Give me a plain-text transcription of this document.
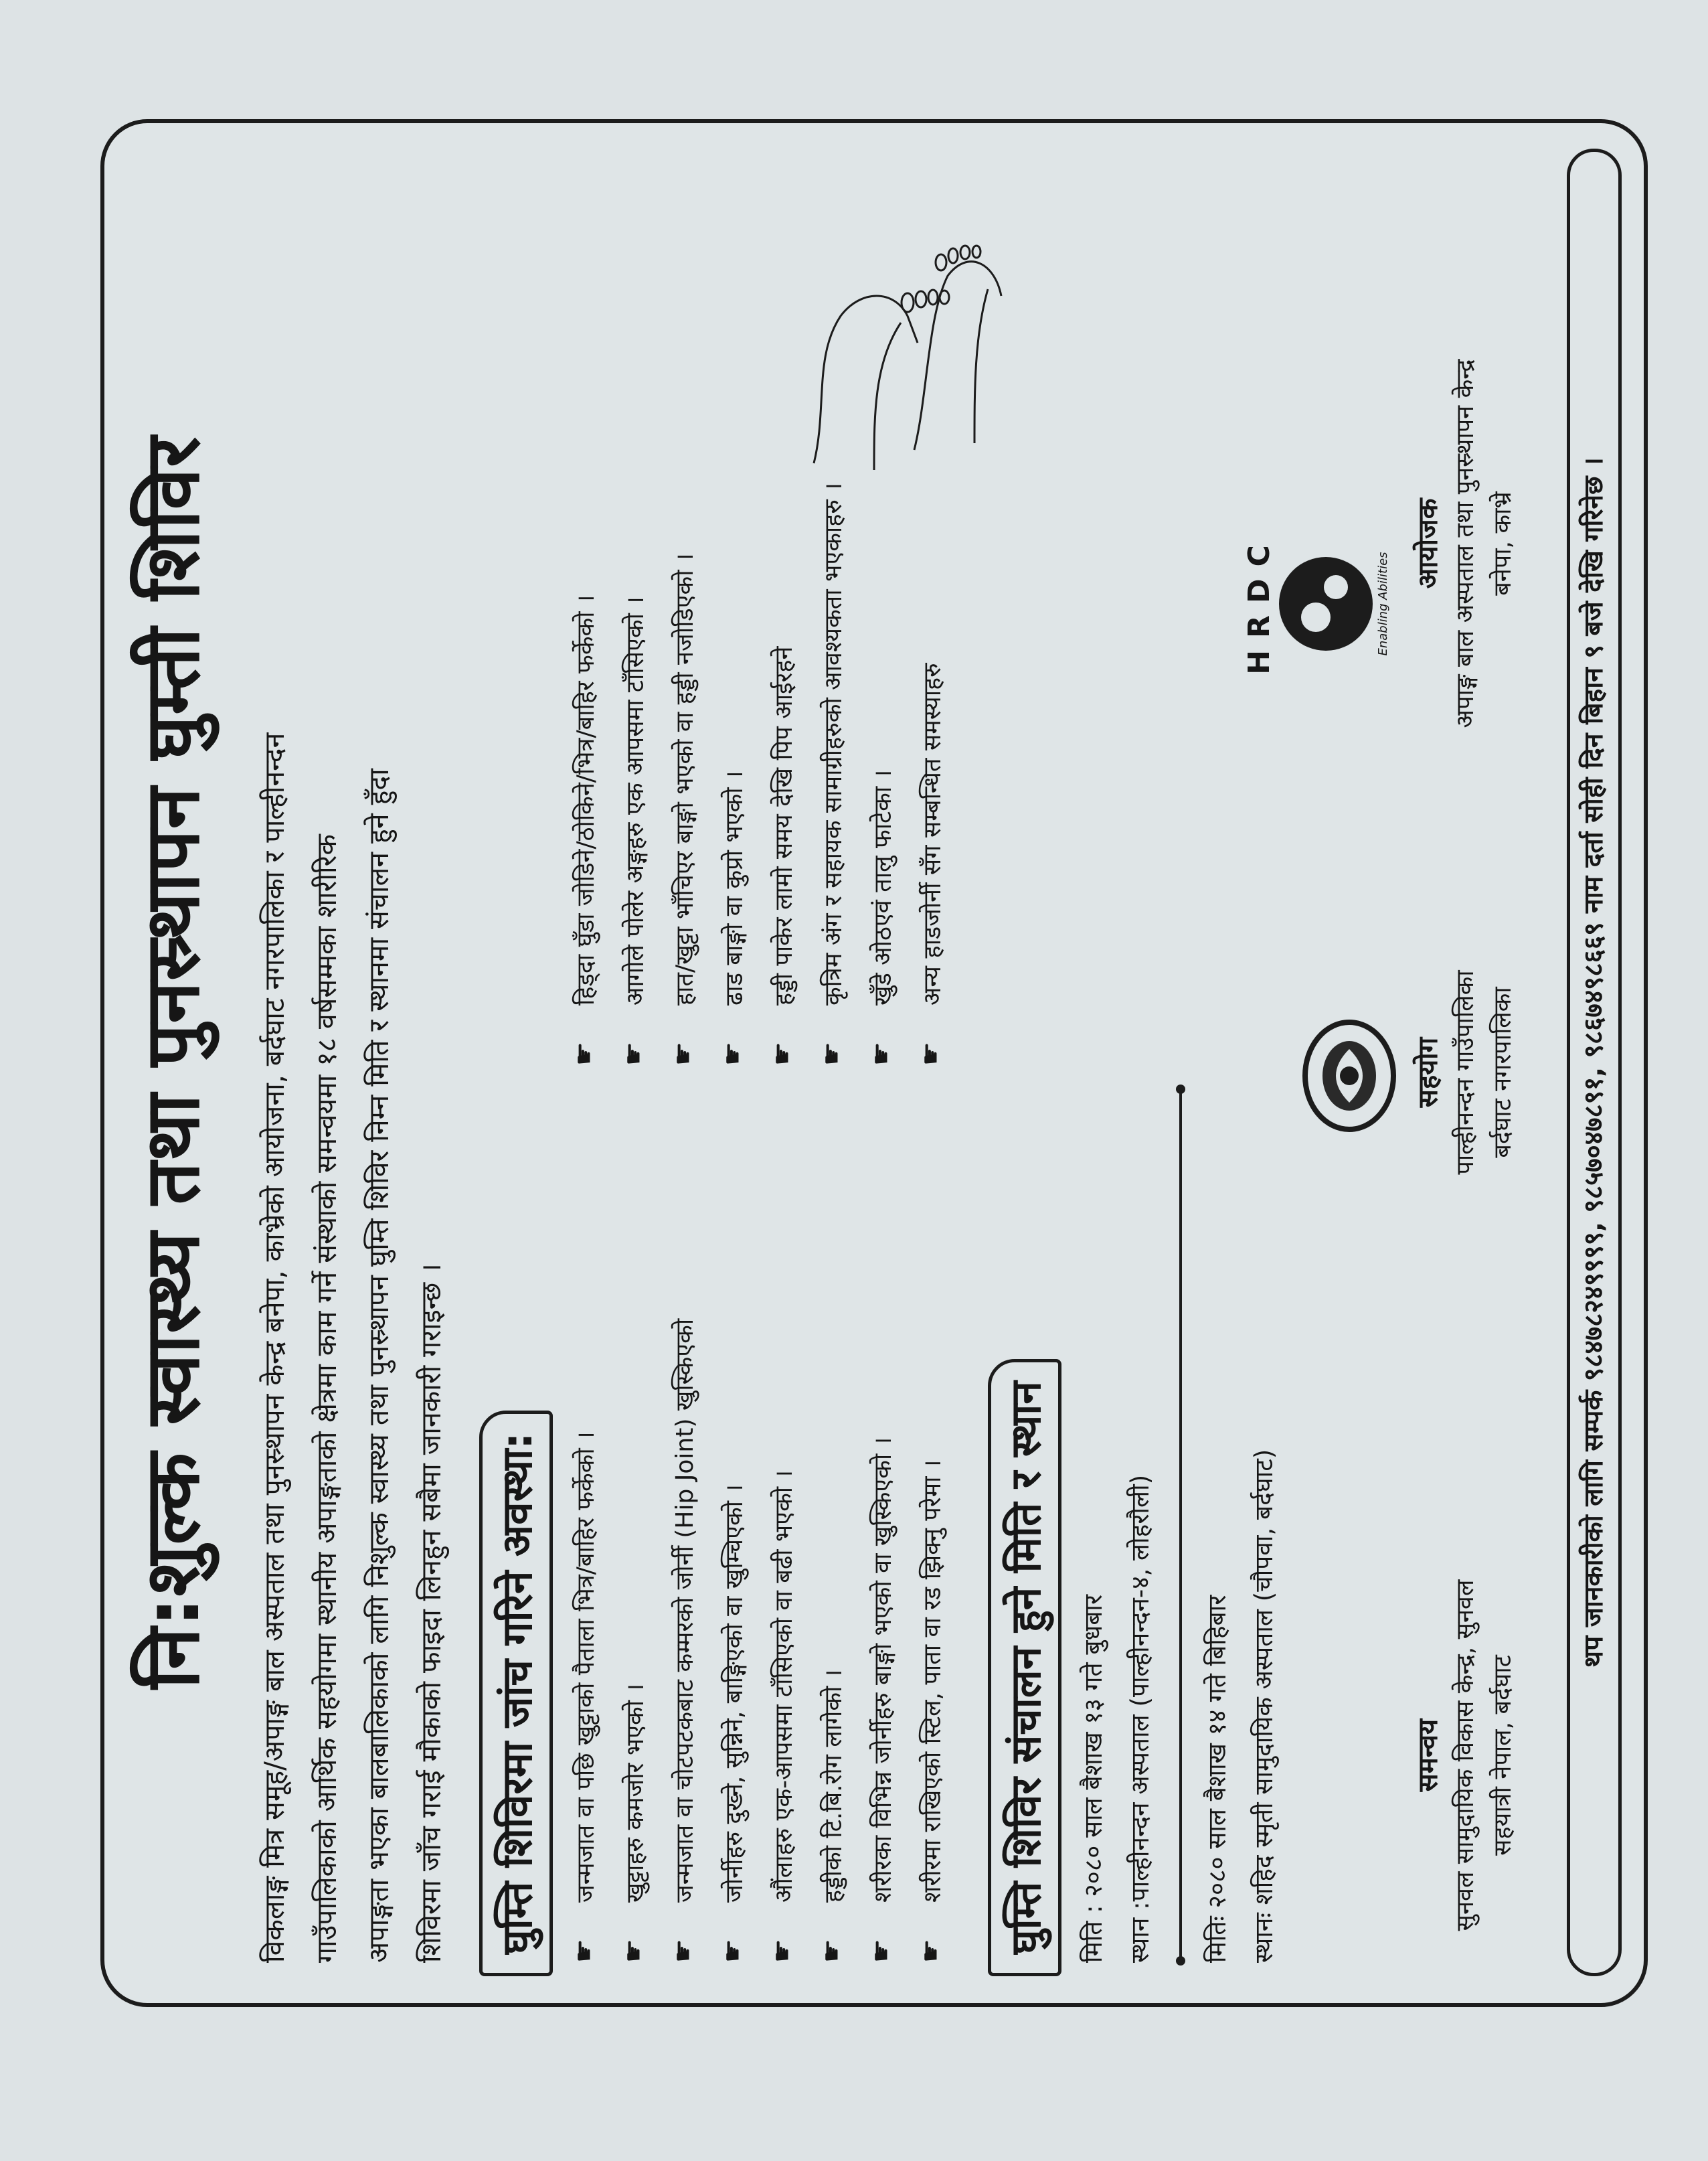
नि:शुल्क स्वास्थ्य तथा पुनस्र्थापन घुम्ती शिविर	विकलाङ्ग मित्र समूह/अपाङ्ग बाल अस्पताल तथा पुनस्र्थापन केन्द्र बनेपा, काभ्रेको आयोजना, बर्दघाट नगरपालिका र पाल्हीनन्दन गाउँपालिकाको आर्थिक सहयोगमा स्थानीय अपाङ्गताको क्षेत्रमा काम गर्ने संस्थाको समन्वयमा १८ वर्षसम्मका शारीरिक अपाङ्गता भएका बालबालिकाको लागि निशुल्क स्वास्थ्य तथा पुनस्र्थापन घुम्ति शिविर निम्न मिति र स्थानमा संचालन हुने हुँदा शिविरमा जाँच गराई मौकाको फाइदा लिनहुन सबैमा जानकारी गराइन्छ ।	घुम्ति शिविरमा जांच गरिने अवस्था:	☛
जन्मजात वा पछि खुट्टाको पैताला भित्र/बाहिर फर्केको ।
☛
खुट्टाहरु कमजोर भएको ।
☛
जन्मजात वा चोटपटकबाट कम्मरको जोर्नी (Hip Joint) खुस्किएको
☛
जोर्नीहरु दुख्ने, सुन्निने, बाङ्गिएको वा खुम्चिएको ।
☛
औंलाहरु एक-आपसमा टाँसिएको वा बढी भएको ।
☛
हड्डीको टि.बि.रोग लागेको ।
☛
शरीरका विभिन्न जोर्नीहरु बाङ्गो भएको वा खुस्किएको ।
☛
शरीरमा राखिएको स्टिल, पाता वा रड झिक्नु परेमा ।
☛
हिड्दा घुँडा जोडिने/ठोकिने/भित्र/बाहिर फर्केको ।
☛
आगोले पोलेर अङ्गहरु एक आपसमा टाँसिएको ।
☛
हात/खुट्टा भाँचिएर बाङ्गो भएको वा हड्डी नजोडिएको ।
☛
ढाड बाङ्गो वा कुप्रो भएको ।
☛
हड्डी पाकेर लामो समय देखि पिप आईरहने
☛
कृत्रिम अंग र सहायक सामाग्रीहरुको आवश्यकता भएकाहरु ।
☛
खुँडे ओठएवं तालु फाटेका ।
☛
अन्य हाडजोर्नी सँग सम्बन्धित समस्याहरु
घुम्ति शिविर संचालन हुने मिति र स्थान	मिति : २०८० साल बैशाख १३ गते बुधबार स्थान :पाल्हीनन्दन अस्पताल (पाल्हीनन्दन-४, लोहरौली)	मितिः २०८० साल बैशाख १४ गते बिहिबार स्थानः शहिद स्मृती सामुदायिक अस्पताल (चौपवा, बर्दघाट)	समन्वय सुनवल सामुदायिक विकास केन्द्र, सुनवल सहयात्री नेपाल, बर्दघाट
सहयोग पाल्हीनन्दन गाउँपालिका बर्दघाट नगरपालिका
HRDC	Enabling Abilities
आयोजक अपाङ्ग बाल अस्पताल तथा पुनस्र्थापन केन्द्र बनेपा, काभ्रे	थप जानकारीको लागि सम्पर्क ९८४७८२४९९९९, ९८५७०४७८९१, ९८६७४९८६६९ नाम दर्ता सोही दिन बिहान ९ बजे देखि गरिनेछ ।
